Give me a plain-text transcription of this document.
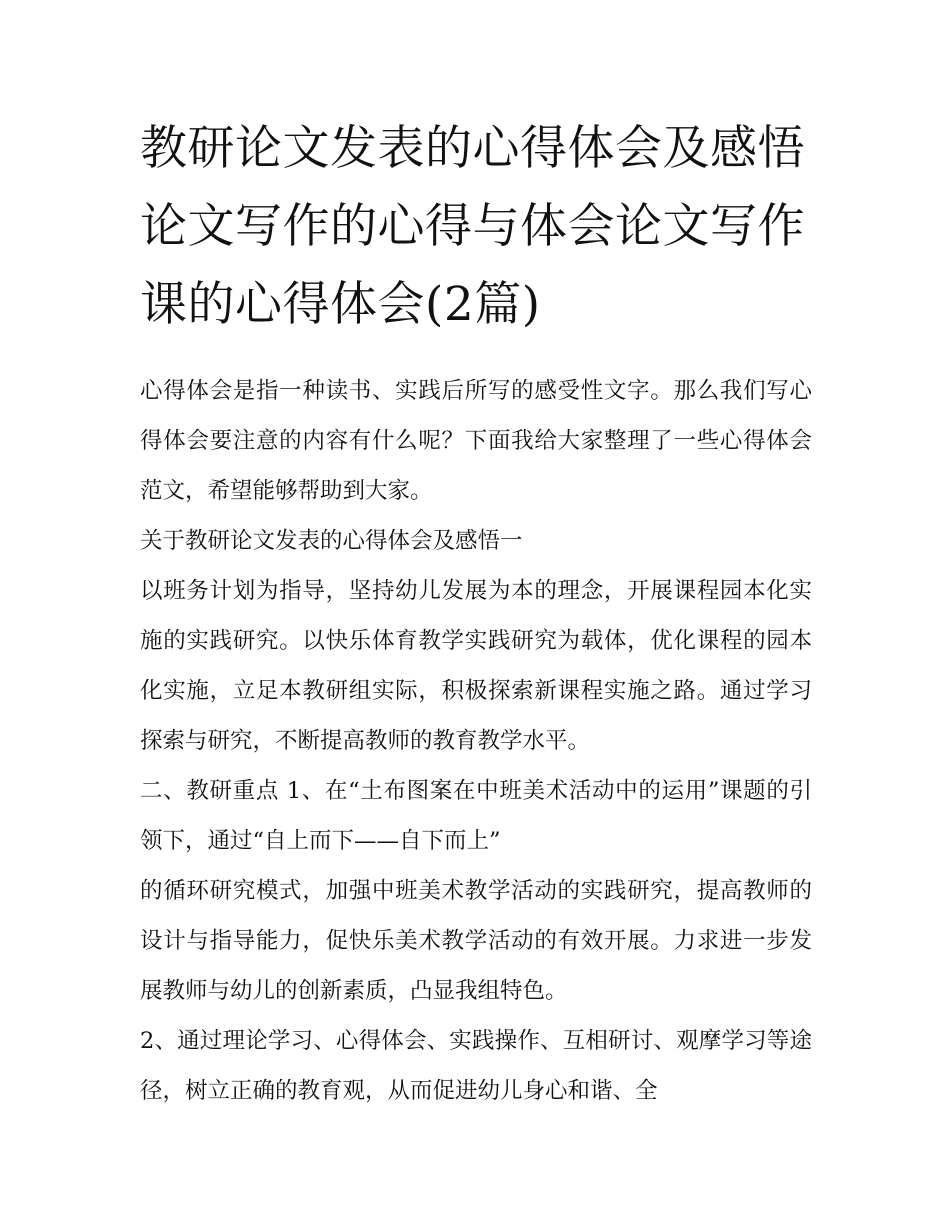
教研论文发表的心得体会及感悟 论文写作的心得与体会论文写作课的心得体会(2篇)

心得体会是指一种读书、实践后所写的感受性文字。那么我们写心得体会要注意的内容有什么呢？下面我给大家整理了一些心得体会范文，希望能够帮助到大家。

关于教研论文发表的心得体会及感悟一

以班务计划为指导，坚持幼儿发展为本的理念，开展课程园本化实施的实践研究。以快乐体育教学实践研究为载体，优化课程的园本化实施，立足本教研组实际，积极探索新课程实施之路。通过学习探索与研究，不断提高教师的教育教学水平。

二、教研重点 1、在“土布图案在中班美术活动中的运用”课题的引领下，通过“自上而下——自下而上”

的循环研究模式，加强中班美术教学活动的实践研究，提高教师的设计与指导能力，促快乐美术教学活动的有效开展。力求进一步发展教师与幼儿的创新素质，凸显我组特色。

2、通过理论学习、心得体会、实践操作、互相研讨、观摩学习等途径，树立正确的教育观，从而促进幼儿身心和谐、全
